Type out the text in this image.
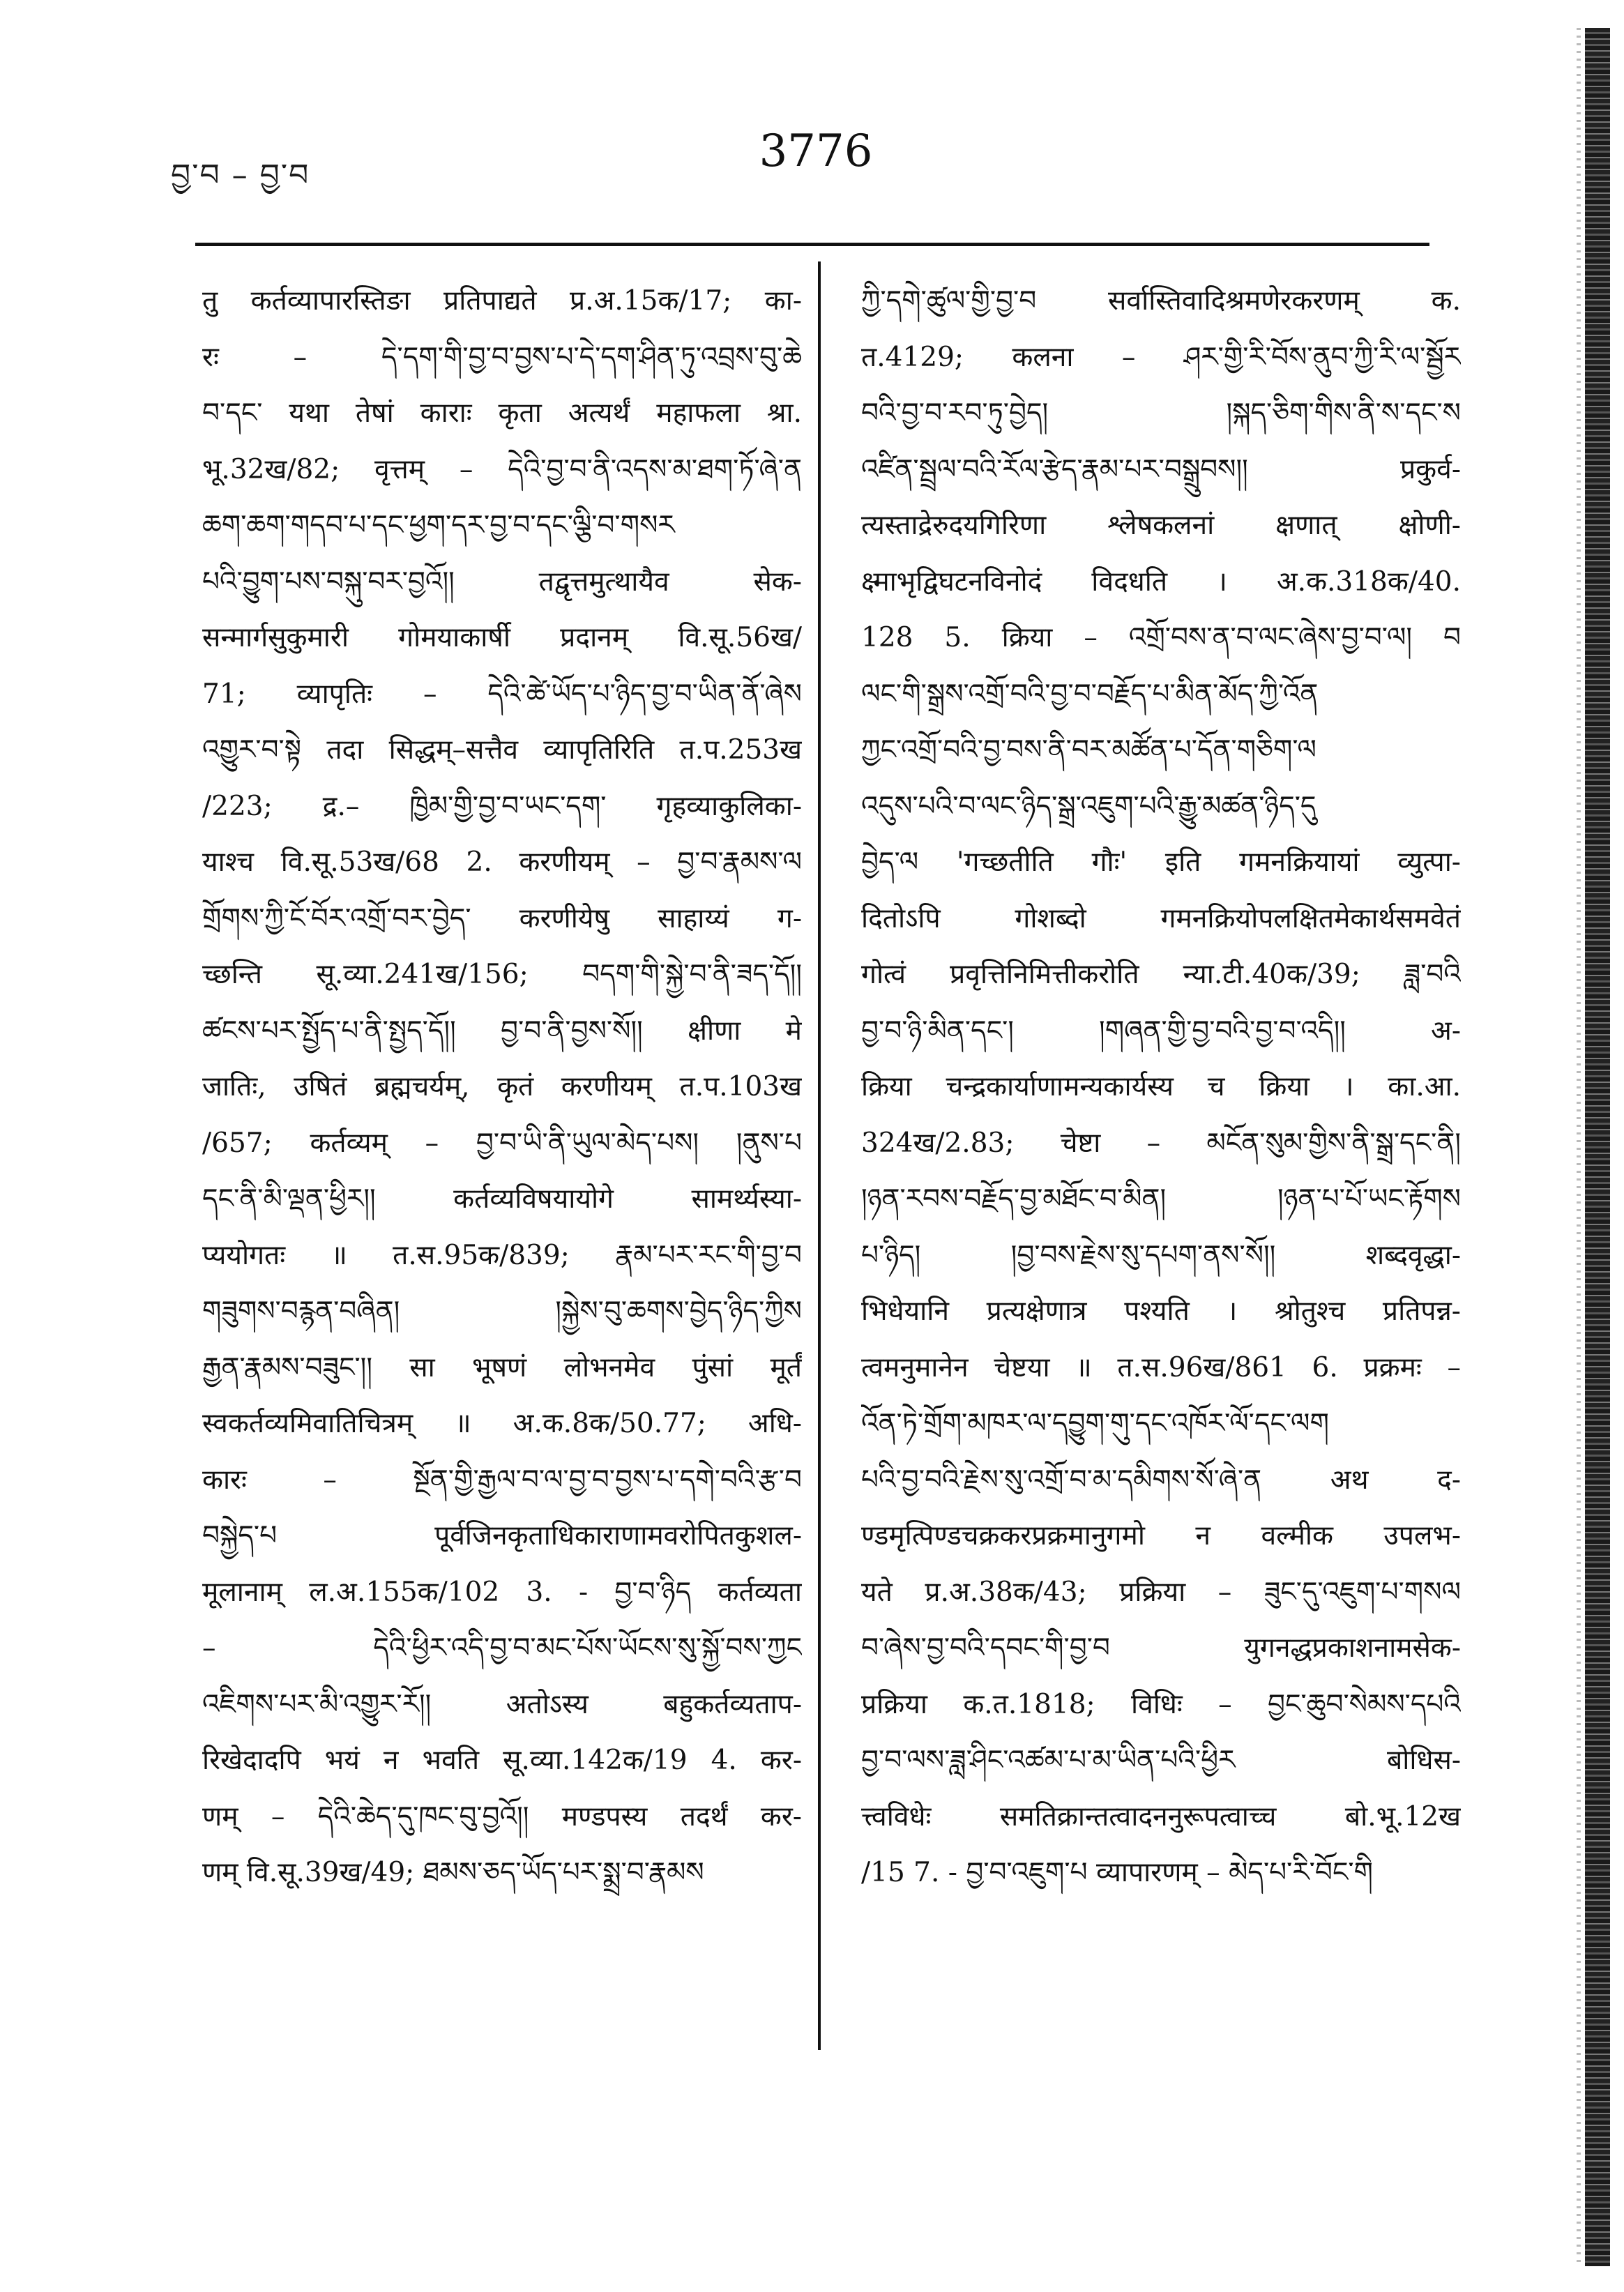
བྱ་བ – བྱ་བ	3776
तु कर्तव्यापारस्तिङा प्रतिपाद्यते प्र.अ.15क/17; का-
रः – དེ་དག་གི་བྱ་བ་བྱས་པ་དེ་དག་ཤིན་ཏུ་འབྲས་བུ་ཆེ
བ་དང་ यथा तेषां काराः कृता अत्यर्थं महाफला श्रा.
भू.32ख/82; वृत्तम् – དེའི་བྱ་བ་ནི་འདས་མ་ཐག་ཏོ་ཞེ་ན
ཆག་ཆག་གདབ་པ་དང་ཕྱག་དར་བྱ་བ་དང་ལྕི་བ་གསར
པའི་བྱུག་པས་བསྐུ་བར་བྱའོ།། तद्वृत्तमुत्थायैव सेक-
सन्मार्गसुकुमारी गोमयाकार्षी प्रदानम् वि.सू.56ख/
71; व्यापृतिः – དེའི་ཚེ་ཡོད་པ་ཉིད་བྱ་བ་ཡིན་ནོ་ཞེས
འགྱུར་བ་སྟེ तदा सिद्धम्–सत्तैव व्यापृतिरिति त.प.253ख
/223; द्र.– ཁྱིམ་གྱི་བྱ་བ་ཡང་དག་ गृहव्याकुलिका-
याश्च वि.सू.53ख/68 2. करणीयम् – བྱ་བ་རྣམས་ལ
གྲོགས་ཀྱི་ངོ་བོར་འགྲོ་བར་བྱེད་ करणीयेषु साहाय्यं ग-
च्छन्ति सू.व्या.241ख/156; བདག་གི་སྐྱེ་བ་ནི་ཟད་དོ།།
ཚངས་པར་སྤྱོད་པ་ནི་སྤྱད་དོ།། བྱ་བ་ནི་བྱས་སོ།། क्षीणा मे
जातिः, उषितं ब्रह्मचर्यम्, कृतं करणीयम् त.प.103ख
/657; कर्तव्यम् – བྱ་བ་ཡི་ནི་ཡུལ་མེད་པས། །ནུས་པ
དང་ནི་མི་ལྡན་ཕྱིར།། कर्तव्यविषयायोगे सामर्थ्यस्या-
प्ययोगतः ॥ त.स.95क/839; རྣམ་པར་རང་གི་བྱ་བ
གཟུགས་བརྙན་བཞིན། །སྐྱེས་བུ་ཆགས་བྱེད་ཉིད་ཀྱིས
རྒྱན་རྣམས་བཟུང་།། सा भूषणं लोभनमेव पुंसां मूर्तं
स्वकर्तव्यमिवातिचित्रम् ॥ अ.क.8क/50.77; अधि-
कारः – སྔོན་གྱི་རྒྱལ་བ་ལ་བྱ་བ་བྱས་པ་དགེ་བའི་རྩ་བ
བསྐྱེད་པ पूर्वजिनकृताधिकाराणामवरोपितकुशल-
मूलानाम् ल.अ.155क/102 3. - བྱ་བ་ཉིད कर्तव्यता
– དེའི་ཕྱིར་འདི་བྱ་བ་མང་པོས་ཡོངས་སུ་སྐྱོ་བས་ཀྱང
འཇིགས་པར་མི་འགྱུར་རོ།། अतोऽस्य बहुकर्तव्यताप-
रिखेदादपि भयं न भवति सू.व्या.142क/19 4. कर-
णम् – དེའི་ཆེད་དུ་ཁང་བུ་བྱའོ།། मण्डपस्य तदर्थं कर-
णम् वि.सू.39ख/49; ཐམས་ཅད་ཡོད་པར་སྨྲ་བ་རྣམས
ཀྱི་དགེ་ཚུལ་གྱི་བྱ་བ सर्वास्तिवादिश्रमणेरकरणम् क.
त.4129; कलना – ཤར་གྱི་རི་བོས་ནུབ་ཀྱི་རི་ལ་སྦྱོར
བའི་བྱ་བ་རབ་ཏུ་བྱེད། །སྐད་ཅིག་གིས་ནི་ས་དང་ས
འཛིན་སྦྲལ་བའི་རོལ་རྩེད་རྣམ་པར་བསྒྲུབས།། प्रकुर्व-
त्यस्ताद्रेरुदयगिरिणा श्लेषकलनां क्षणात् क्षोणी-
क्ष्माभृद्विघटनविनोदं विदधति । अ.क.318क/40.
128 5. क्रिया – འགྲོ་བས་ན་བ་ལང་ཞེས་བྱ་བ་ལ། བ
ལང་གི་སྒྲས་འགྲོ་བའི་བྱ་བ་བརྗོད་པ་མིན་མོད་ཀྱི་འོན
ཀྱང་འགྲོ་བའི་བྱ་བས་ནི་བར་མཚོན་པ་དོན་གཅིག་ལ
འདུས་པའི་བ་ལང་ཉིད་སྒྲ་འཇུག་པའི་རྒྱུ་མཚན་ཉིད་དུ
བྱེད་ལ 'गच्छतीति गौः' इति गमनक्रियायां व्युत्पा-
दितोऽपि गोशब्दो गमनक्रियोपलक्षितमेकार्थसमवेतं
गोत्वं प्रवृत्तिनिमित्तीकरोति न्या.टी.40क/39; ཟླ་བའི
བྱ་བ་ཉི་མིན་དང་། །གཞན་གྱི་བྱ་བའི་བྱ་བ་འདི།། अ-
क्रिया चन्द्रकार्याणामन्यकार्यस्य च क्रिया । का.आ.
324ख/2.83; चेष्टा – མངོན་སུམ་གྱིས་ནི་སྒྲ་དང་ནི།
།ཉན་རབས་བརྗོད་བྱ་མཐོང་བ་མིན། །ཉན་པ་པོ་ཡང་རྟོགས
པ་ཉིད། །བྱ་བས་རྗེས་སུ་དཔག་ནས་སོ།། शब्दवृद्धा-
भिधेयानि प्रत्यक्षेणात्र पश्यति । श्रोतुश्च प्रतिपन्न-
त्वमनुमानेन चेष्टया ॥ त.स.96ख/861 6. प्रक्रमः –
འོན་ཏེ་གྲོག་མཁར་ལ་དབྱུག་གུ་དང་འཁོར་ལོ་དང་ལག
པའི་བྱ་བའི་རྗེས་སུ་འགྲོ་བ་མ་དམིགས་སོ་ཞེ་ན अथ द-
ण्डमृत्पिण्डचक्रकरप्रक्रमानुगमो न वल्मीक उपलभ-
यते प्र.अ.38क/43; प्रक्रिया – ཟུང་དུ་འཇུག་པ་གསལ
བ་ཞེས་བྱ་བའི་དབང་གི་བྱ་བ युगनद्धप्रकाशनामसेक-
प्रक्रिया क.त.1818; विधिः – བྱང་ཆུབ་སེམས་དཔའི
བྱ་བ་ལས་ཟླ་ཤིང་འཚམ་པ་མ་ཡིན་པའི་ཕྱིར बोधिस-
त्त्वविधेः समतिक्रान्तत्वादननुरूपत्वाच्च बो.भू.12ख
/15 7. - བྱ་བ་འཇུག་པ व्यापारणम् – མེད་པ་རི་བོང་གི
